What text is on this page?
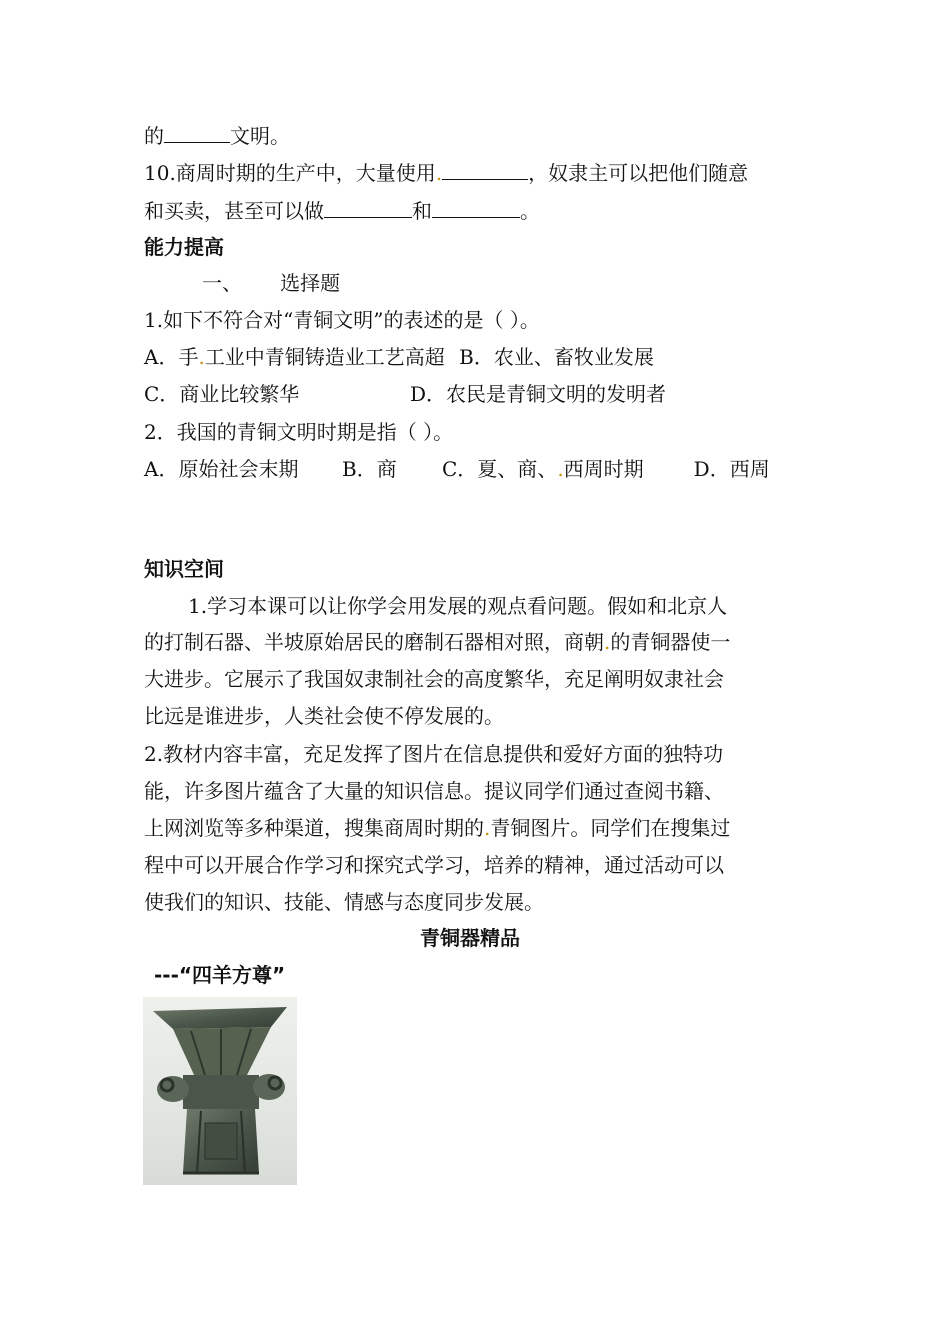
的	文明。
10.商周时期的生产中，大量使用.	，奴隶主可以把他们随意
和买卖，甚至可以做	和	。
能力提高
一、      选择题
1.如下不符合对“青铜文明”的表述的是（ ）。
A．手.工业中青铜铸造业工艺高超 B．农业、畜牧业发展
C．商业比较繁华	D．农民是青铜文明的发明者
2．我国的青铜文明时期是指（ ）。
A．原始社会末期 B．商 C．夏、商、.西周时期	D．西周
知识空间
1.学习本课可以让你学会用发展的观点看问题。假如和北京人
的打制石器、半坡原始居民的磨制石器相对照，商朝.的青铜器使一
大进步。它展示了我国奴隶制社会的高度繁华，充足阐明奴隶社会
比远是谁进步，人类社会使不停发展的。
2.教材内容丰富，充足发挥了图片在信息提供和爱好方面的独特功
能，许多图片蕴含了大量的知识信息。提议同学们通过查阅书籍、
上网浏览等多种渠道，搜集商周时期的.青铜图片。同学们在搜集过
程中可以开展合作学习和探究式学习，培养的精神，通过活动可以
使我们的知识、技能、情感与态度同步发展。
青铜器精品
---“四羊方尊”
